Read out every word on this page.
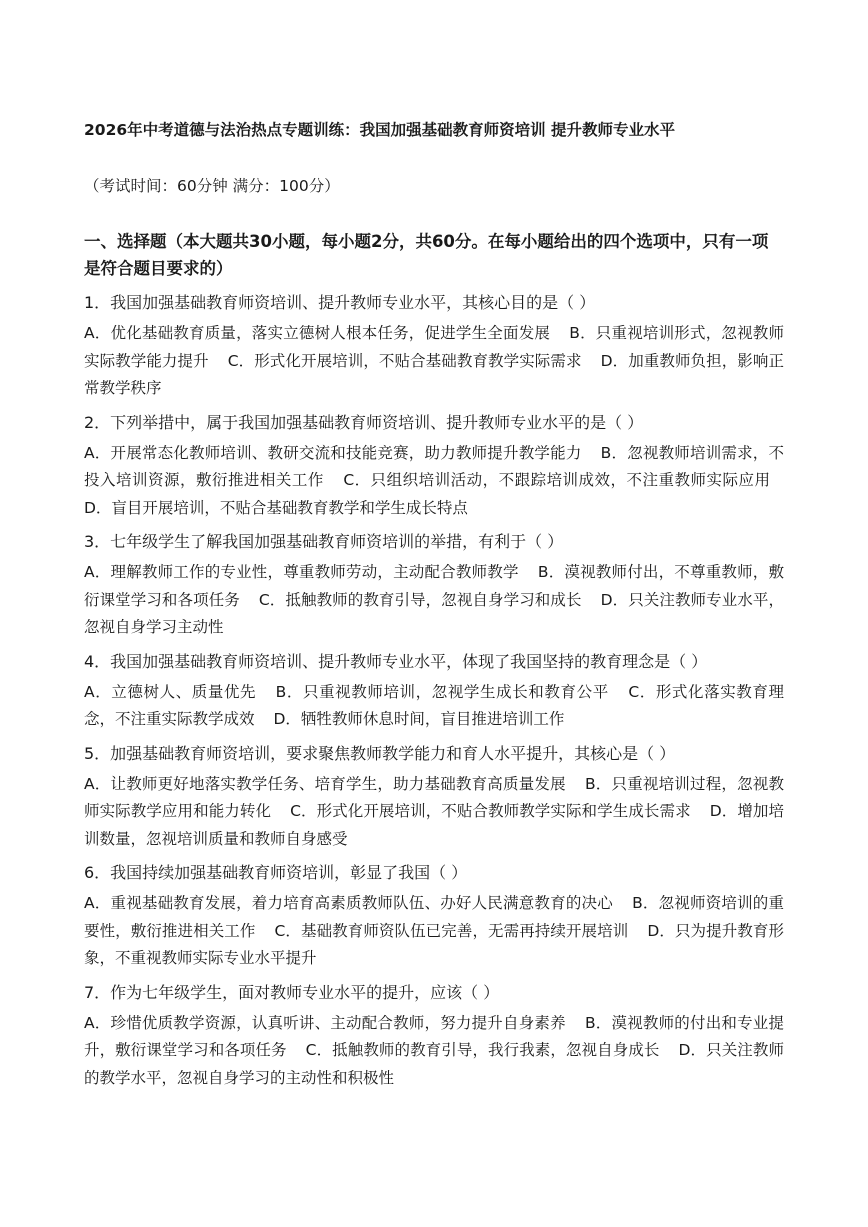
2026年中考道德与法治热点专题训练：我国加强基础教育师资培训 提升教师专业水平
（考试时间：60分钟 满分：100分）
一、选择题（本大题共30小题，每小题2分，共60分。在每小题给出的四个选项中，只有一项是符合题目要求的）
1．我国加强基础教育师资培训、提升教师专业水平，其核心目的是（ ）
A．优化基础教育质量，落实立德树人根本任务，促进学生全面发展 B．只重视培训形式，忽视教师实际教学能力提升 C．形式化开展培训，不贴合基础教育教学实际需求 D．加重教师负担，影响正常教学秩序
2．下列举措中，属于我国加强基础教育师资培训、提升教师专业水平的是（ ）
A．开展常态化教师培训、教研交流和技能竞赛，助力教师提升教学能力 B．忽视教师培训需求，不投入培训资源，敷衍推进相关工作 C．只组织培训活动，不跟踪培训成效，不注重教师实际应用 D．盲目开展培训，不贴合基础教育教学和学生成长特点
3．七年级学生了解我国加强基础教育师资培训的举措，有利于（ ）
A．理解教师工作的专业性，尊重教师劳动，主动配合教师教学 B．漠视教师付出，不尊重教师，敷衍课堂学习和各项任务 C．抵触教师的教育引导，忽视自身学习和成长 D．只关注教师专业水平，忽视自身学习主动性
4．我国加强基础教育师资培训、提升教师专业水平，体现了我国坚持的教育理念是（ ）
A．立德树人、质量优先 B．只重视教师培训，忽视学生成长和教育公平 C．形式化落实教育理念，不注重实际教学成效 D．牺牲教师休息时间，盲目推进培训工作
5．加强基础教育师资培训，要求聚焦教师教学能力和育人水平提升，其核心是（ ）
A．让教师更好地落实教学任务、培育学生，助力基础教育高质量发展 B．只重视培训过程，忽视教师实际教学应用和能力转化 C．形式化开展培训，不贴合教师教学实际和学生成长需求 D．增加培训数量，忽视培训质量和教师自身感受
6．我国持续加强基础教育师资培训，彰显了我国（ ）
A．重视基础教育发展，着力培育高素质教师队伍、办好人民满意教育的决心 B．忽视师资培训的重要性，敷衍推进相关工作 C．基础教育师资队伍已完善，无需再持续开展培训 D．只为提升教育形象，不重视教师实际专业水平提升
7．作为七年级学生，面对教师专业水平的提升，应该（ ）
A．珍惜优质教学资源，认真听讲、主动配合教师，努力提升自身素养 B．漠视教师的付出和专业提升，敷衍课堂学习和各项任务 C．抵触教师的教育引导，我行我素，忽视自身成长 D．只关注教师的教学水平，忽视自身学习的主动性和积极性
